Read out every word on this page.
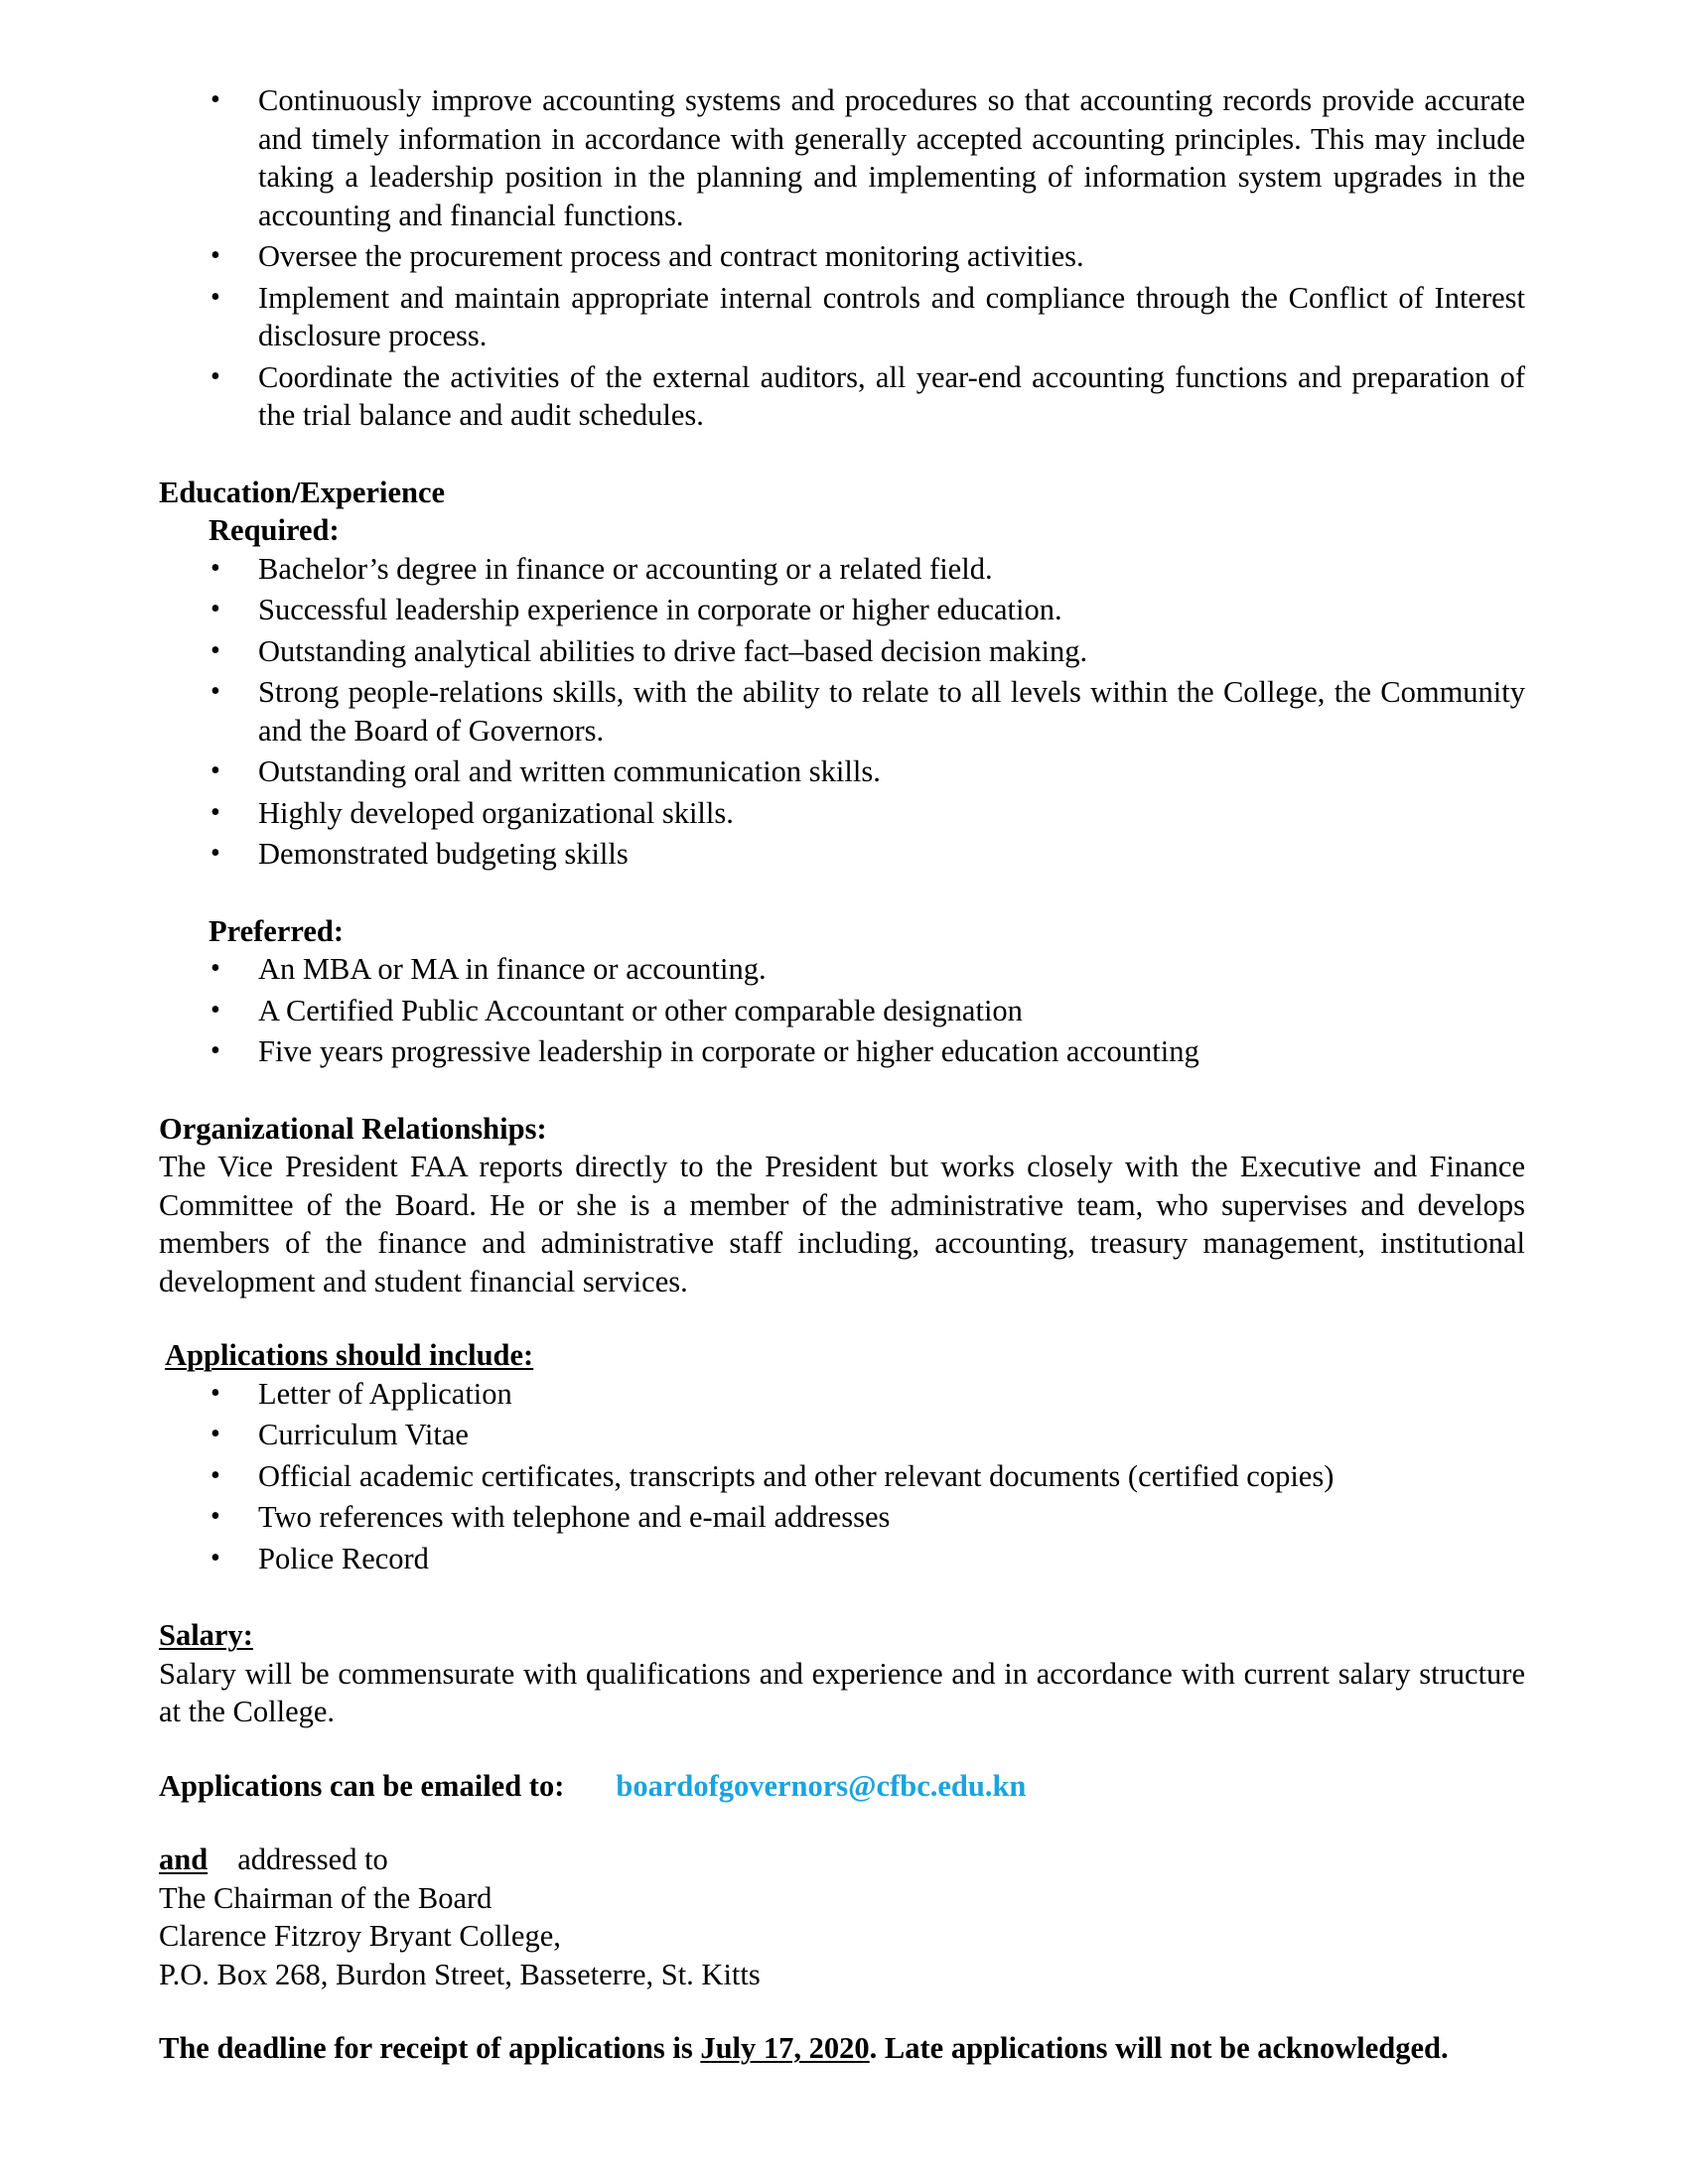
• Continuously improve accounting systems and procedures so that accounting records provide accurate and timely information in accordance with generally accepted accounting principles. This may include taking a leadership position in the planning and implementing of information system upgrades in the accounting and financial functions.
• Oversee the procurement process and contract monitoring activities.
• Implement and maintain appropriate internal controls and compliance through the Conflict of Interest disclosure process.
• Coordinate the activities of the external auditors, all year-end accounting functions and preparation of the trial balance and audit schedules.

Education/Experience

Required:

• Bachelor’s degree in finance or accounting or a related field.
• Successful leadership experience in corporate or higher education.
• Outstanding analytical abilities to drive fact–based decision making.
• Strong people-relations skills, with the ability to relate to all levels within the College, the Community and the Board of Governors.
• Outstanding oral and written communication skills.
• Highly developed organizational skills.
• Demonstrated budgeting skills

Preferred:

• An MBA or MA in finance or accounting.
• A Certified Public Accountant or other comparable designation
• Five years progressive leadership in corporate or higher education accounting

Organizational Relationships:

The Vice President FAA reports directly to the President but works closely with the Executive and Finance Committee of the Board. He or she is a member of the administrative team, who supervises and develops members of the finance and administrative staff including, accounting, treasury management, institutional development and student financial services.

Applications should include:

• Letter of Application
• Curriculum Vitae
• Official academic certificates, transcripts and other relevant documents (certified copies)
• Two references with telephone and e-mail addresses
• Police Record

Salary:

Salary will be commensurate with qualifications and experience and in accordance with current salary structure at the College.

Applications can be emailed to: boardofgovernors@cfbc.edu.kn

and addressed to

The Chairman of the Board

Clarence Fitzroy Bryant College,

P.O. Box 268, Burdon Street, Basseterre, St. Kitts

The deadline for receipt of applications is July 17, 2020. Late applications will not be acknowledged.
